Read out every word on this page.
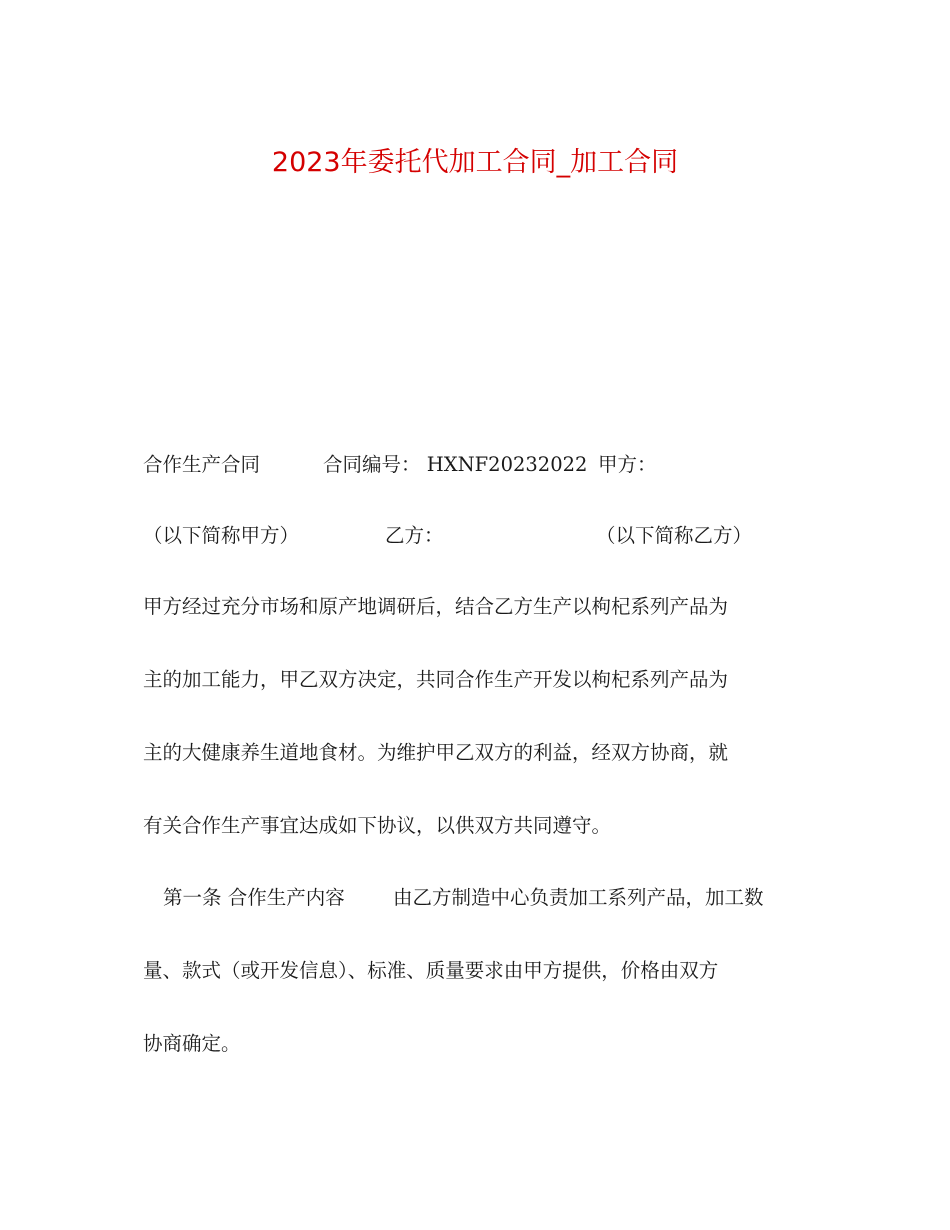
2023年委托代加工合同_加工合同
合作生产合同	合同编号： HXNF20232022 甲方：
（以下简称甲方）	乙方：	（以下简称乙方）
甲方经过充分市场和原产地调研后，结合乙方生产以枸杞系列产品为
主的加工能力，甲乙双方决定，共同合作生产开发以枸杞系列产品为
主的大健康养生道地食材。为维护甲乙双方的利益，经双方协商，就
有关合作生产事宜达成如下协议，以供双方共同遵守。
第一条 合作生产内容 由乙方制造中心负责加工系列产品，加工数
量、款式（或开发信息）、标准、质量要求由甲方提供，价格由双方
协商确定。
